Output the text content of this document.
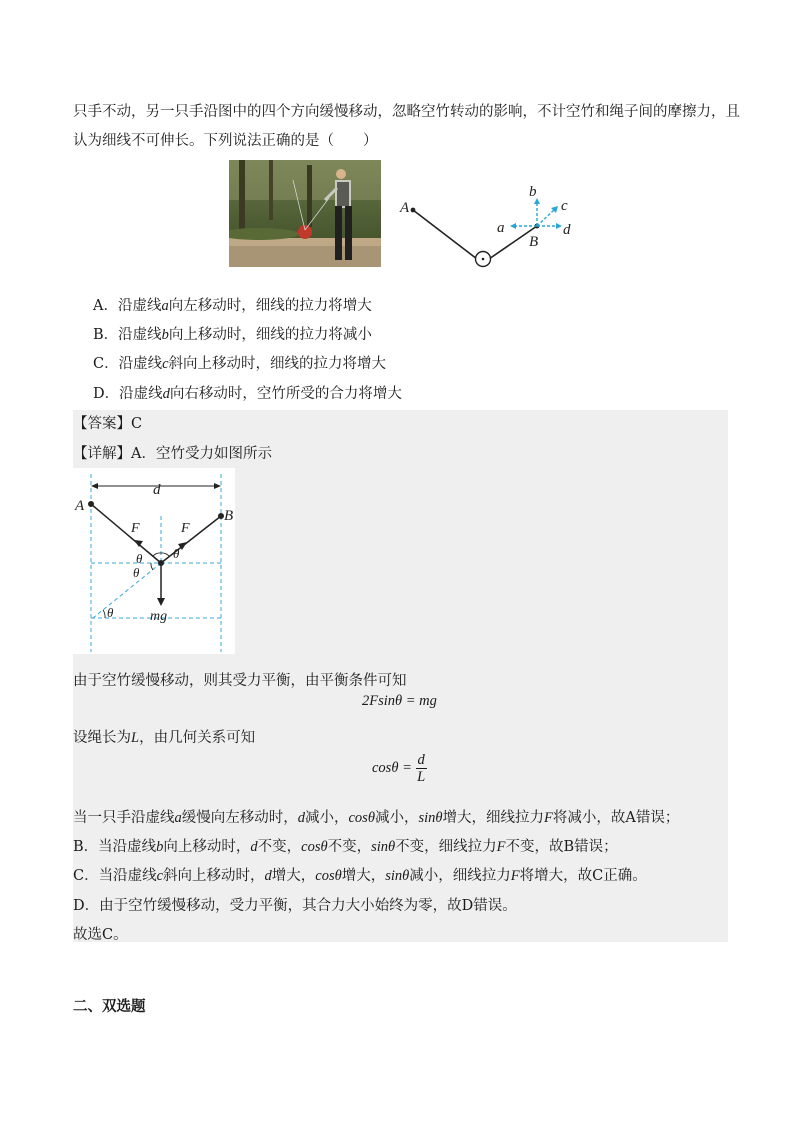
只手不动，另一只手沿图中的四个方向缓慢移动，忽略空竹转动的影响，不计空竹和绳子间的摩擦力，且
认为细线不可伸长。下列说法正确的是（　　）
A
B
a
b
c
d
A．沿虚线a向左移动时，细线的拉力将增大
B．沿虚线b向上移动时，细线的拉力将减小
C．沿虚线c斜向上移动时，细线的拉力将增大
D．沿虚线d向右移动时，空竹所受的合力将增大
【答案】C
【详解】A．空竹受力如图所示
d
A
B
F	F
θ θ
θ
θ	mg
由于空竹缓慢移动，则其受力平衡，由平衡条件可知
2Fsinθ = mg
设绳长为L，由几何关系可知
$\cos\theta = \frac{d}{L}$
当一只手沿虚线a缓慢向左移动时，d减小，cosθ减小，sinθ增大，细线拉力F将减小，故A错误；
B．当沿虚线b向上移动时，d不变，cosθ不变，sinθ不变，细线拉力F不变，故B错误；
C．当沿虚线c斜向上移动时，d增大，cosθ增大，sinθ减小，细线拉力F将增大，故C正确。
D．由于空竹缓慢移动，受力平衡，其合力大小始终为零，故D错误。
故选C。
二、双选题
